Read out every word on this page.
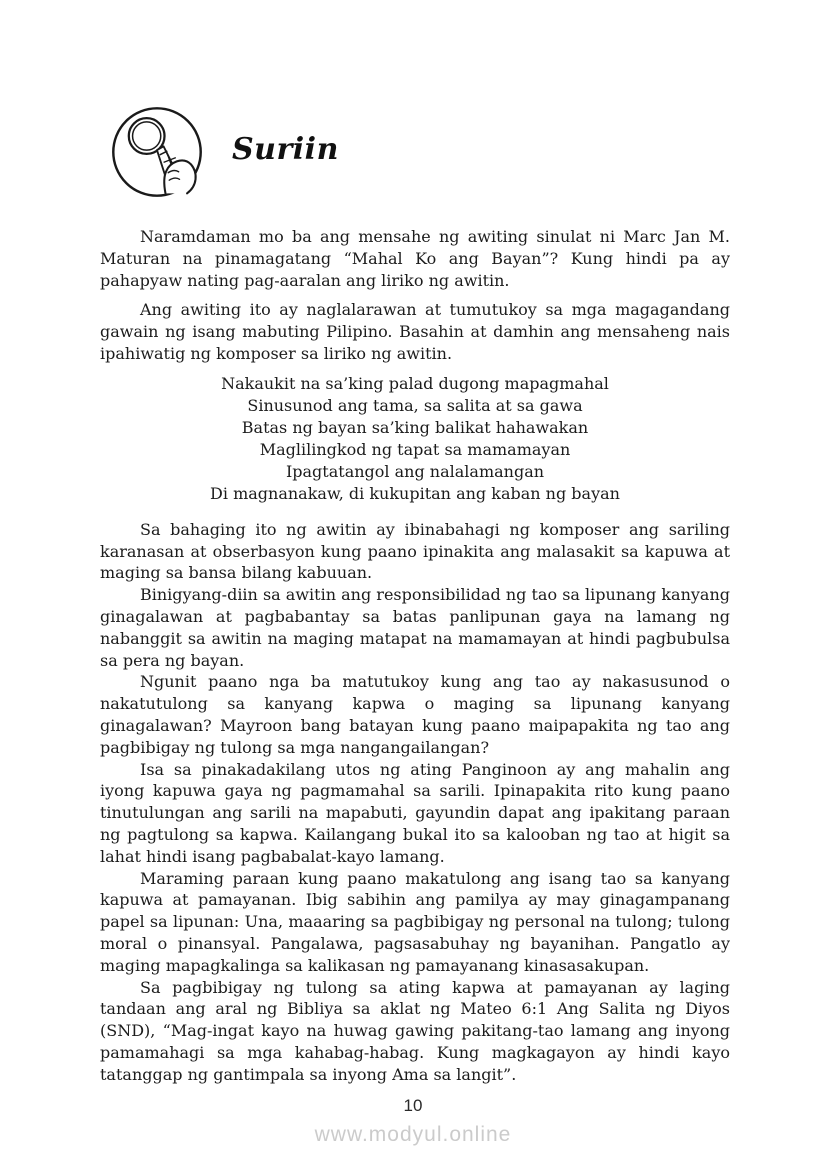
Suriin

Naramdaman mo ba ang mensahe ng awiting sinulat ni Marc Jan M. Maturan na pinamagatang “Mahal Ko ang Bayan”? Kung hindi pa ay pahapyaw nating pag-aaralan ang liriko ng awitin.

Ang awiting ito ay naglalarawan at tumutukoy sa mga magagandang gawain ng isang mabuting Pilipino. Basahin at damhin ang mensaheng nais ipahiwatig ng komposer sa liriko ng awitin.

Nakaukit na sa’king palad dugong mapagmahal
Sinusunod ang tama, sa salita at sa gawa
Batas ng bayan sa’king balikat hahawakan
Maglilingkod ng tapat sa mamamayan
Ipagtatangol ang nalalamangan
Di magnanakaw, di kukupitan ang kaban ng bayan

Sa bahaging ito ng awitin ay ibinabahagi ng komposer ang sariling karanasan at obserbasyon kung paano ipinakita ang malasakit sa kapuwa at maging sa bansa bilang kabuuan.

Binigyang-diin sa awitin ang responsibilidad ng tao sa lipunang kanyang ginagalawan at pagbabantay sa batas panlipunan gaya na lamang ng nabanggit sa awitin na maging matapat na mamamayan at hindi pagbubulsa sa pera ng bayan.

Ngunit paano nga ba matutukoy kung ang tao ay nakasusunod o nakatutulong sa kanyang kapwa o maging sa lipunang kanyang ginagalawan? Mayroon bang batayan kung paano maipapakita ng tao ang pagbibigay ng tulong sa mga nangangailangan?

Isa sa pinakadakilang utos ng ating Panginoon ay ang mahalin ang iyong kapuwa gaya ng pagmamahal sa sarili. Ipinapakita rito kung paano tinutulungan ang sarili na mapabuti, gayundin dapat ang ipakitang paraan ng pagtulong sa kapwa. Kailangang bukal ito sa kalooban ng tao at higit sa lahat hindi isang pagbabalat-kayo lamang.

Maraming paraan kung paano makatulong ang isang tao sa kanyang kapuwa at pamayanan. Ibig sabihin ang pamilya ay may ginagampanang papel sa lipunan: Una, maaaring sa pagbibigay ng personal na tulong; tulong moral o pinansyal. Pangalawa, pagsasabuhay ng bayanihan. Pangatlo ay maging mapagkalinga sa kalikasan ng pamayanang kinasasakupan.

Sa pagbibigay ng tulong sa ating kapwa at pamayanan ay laging tandaan ang aral ng Bibliya sa aklat ng Mateo 6:1 Ang Salita ng Diyos (SND), “Mag-ingat kayo na huwag gawing pakitang-tao lamang ang inyong pamamahagi sa mga kahabag-habag. Kung magkagayon ay hindi kayo tatanggap ng gantimpala sa inyong Ama sa langit”.

10
www.modyul.online
